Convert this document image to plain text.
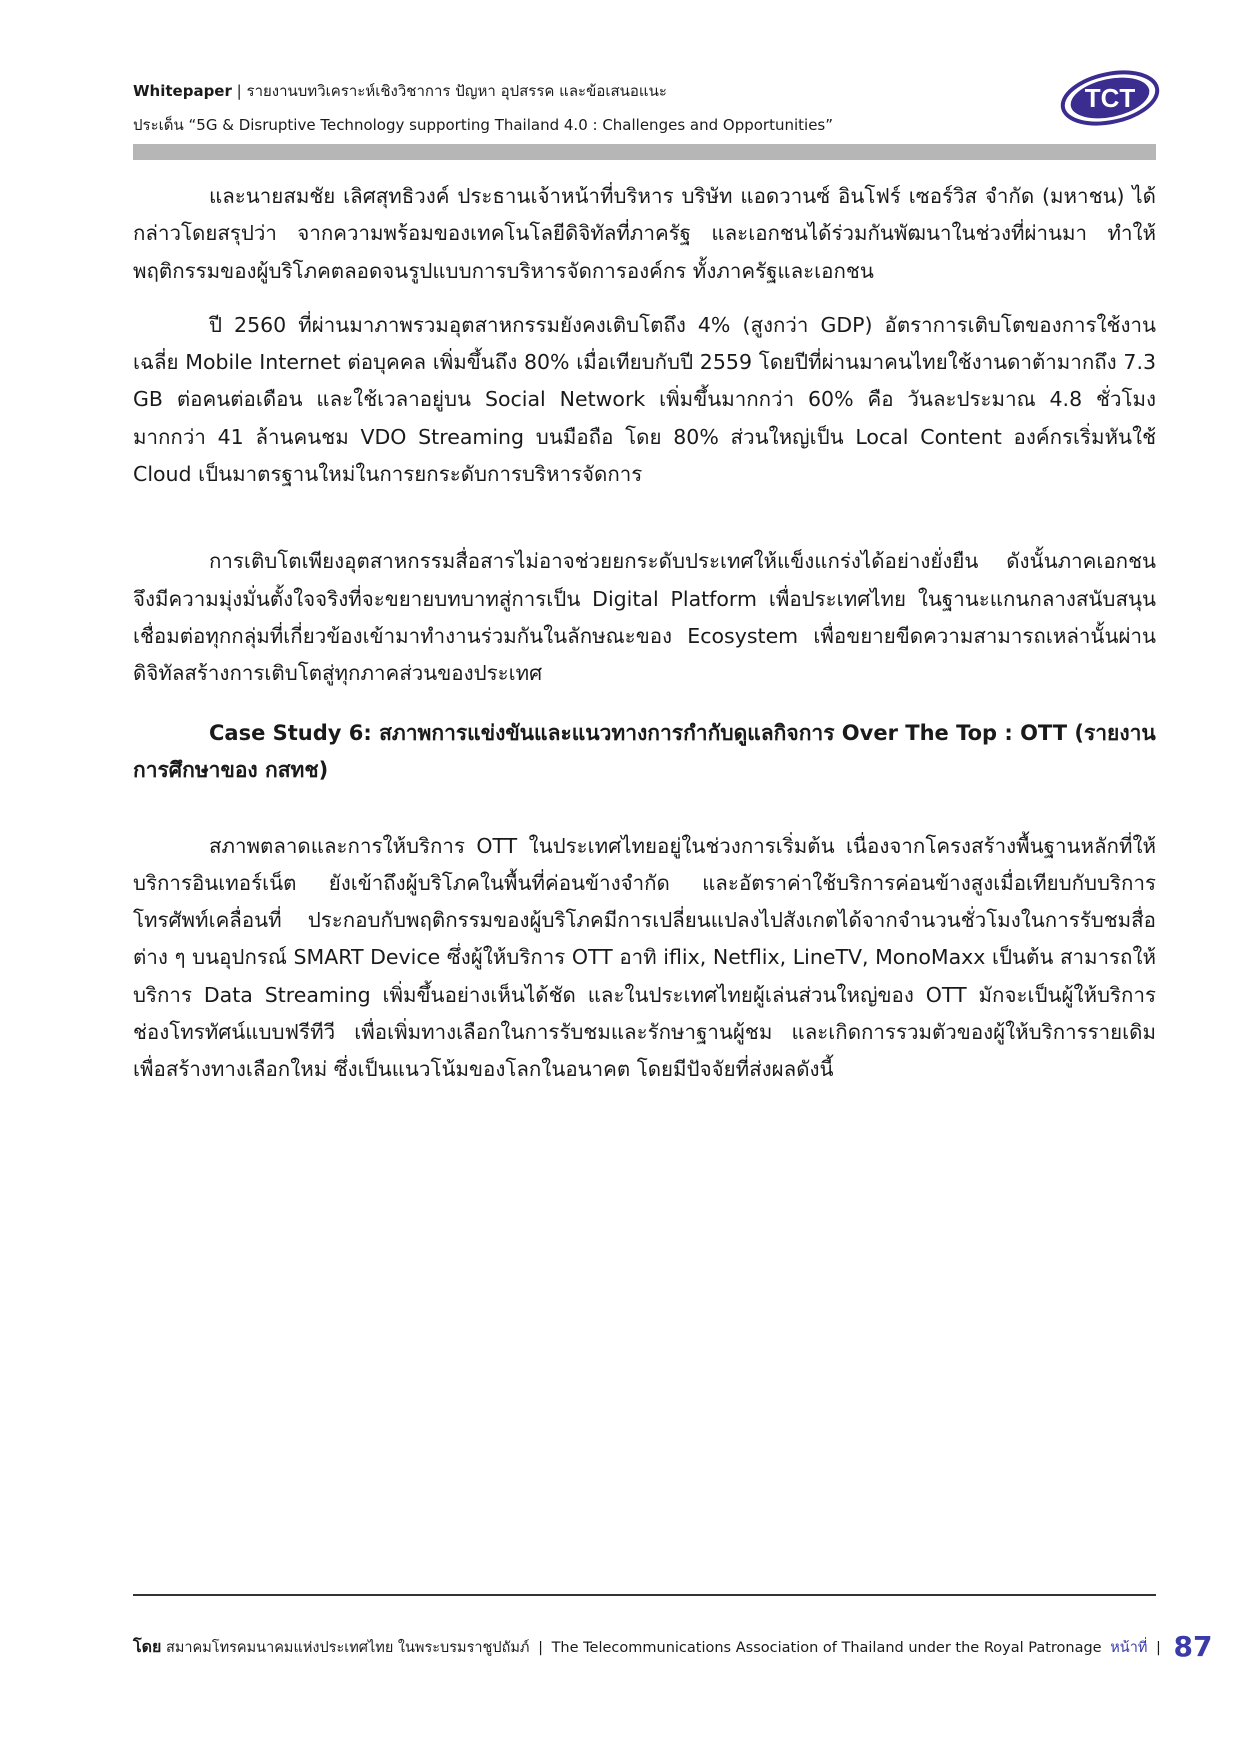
Whitepaper | รายงานบทวิเคราะห์เชิงวิชาการ ปัญหา อุปสรรค และข้อเสนอแนะ
ประเด็น “5G & Disruptive Technology supporting Thailand 4.0 : Challenges and Opportunities”
TCT

และนายสมชัย เลิศสุทธิวงค์ ประธานเจ้าหน้าที่บริหาร บริษัท แอดวานซ์ อินโฟร์ เซอร์วิส จำกัด (มหาชน) ได้กล่าวโดยสรุปว่า จากความพร้อมของเทคโนโลยีดิจิทัลที่ภาครัฐ และเอกชนได้ร่วมกันพัฒนาในช่วงที่ผ่านมา ทำให้พฤติกรรมของผู้บริโภคตลอดจนรูปแบบการบริหารจัดการองค์กร ทั้งภาครัฐและเอกชน

ปี 2560 ที่ผ่านมาภาพรวมอุตสาหกรรมยังคงเติบโตถึง 4% (สูงกว่า GDP) อัตราการเติบโตของการใช้งานเฉลี่ย Mobile Internet ต่อบุคคล เพิ่มขึ้นถึง 80% เมื่อเทียบกับปี 2559 โดยปีที่ผ่านมาคนไทยใช้งานดาต้ามากถึง 7.3 GB ต่อคนต่อเดือน และใช้เวลาอยู่บน Social Network เพิ่มขึ้นมากกว่า 60% คือ วันละประมาณ 4.8 ชั่วโมง มากกว่า 41 ล้านคนชม VDO Streaming บนมือถือ โดย 80% ส่วนใหญ่เป็น Local Content องค์กรเริ่มหันใช้ Cloud เป็นมาตรฐานใหม่ในการยกระดับการบริหารจัดการ

การเติบโตเพียงอุตสาหกรรมสื่อสารไม่อาจช่วยยกระดับประเทศให้แข็งแกร่งได้อย่างยั่งยืน ดังนั้นภาคเอกชนจึงมีความมุ่งมั่นตั้งใจจริงที่จะขยายบทบาทสู่การเป็น Digital Platform เพื่อประเทศไทย ในฐานะแกนกลางสนับสนุน เชื่อมต่อทุกกลุ่มที่เกี่ยวข้องเข้ามาทำงานร่วมกันในลักษณะของ Ecosystem เพื่อขยายขีดความสามารถเหล่านั้นผ่านดิจิทัลสร้างการเติบโตสู่ทุกภาคส่วนของประเทศ

Case Study 6: สภาพการแข่งขันและแนวทางการกำกับดูแลกิจการ Over The Top : OTT (รายงานการศึกษาของ กสทช)

สภาพตลาดและการให้บริการ OTT ในประเทศไทยอยู่ในช่วงการเริ่มต้น เนื่องจากโครงสร้างพื้นฐานหลักที่ให้บริการอินเทอร์เน็ต ยังเข้าถึงผู้บริโภคในพื้นที่ค่อนข้างจำกัด และอัตราค่าใช้บริการค่อนข้างสูงเมื่อเทียบกับบริการโทรศัพท์เคลื่อนที่ ประกอบกับพฤติกรรมของผู้บริโภคมีการเปลี่ยนแปลงไปสังเกตได้จากจำนวนชั่วโมงในการรับชมสื่อต่าง ๆ บนอุปกรณ์ SMART Device ซึ่งผู้ให้บริการ OTT อาทิ iflix, Netflix, LineTV, MonoMaxx เป็นต้น สามารถให้บริการ Data Streaming เพิ่มขึ้นอย่างเห็นได้ชัด และในประเทศไทยผู้เล่นส่วนใหญ่ของ OTT มักจะเป็นผู้ให้บริการช่องโทรทัศน์แบบฟรีทีวี เพื่อเพิ่มทางเลือกในการรับชมและรักษาฐานผู้ชม และเกิดการรวมตัวของผู้ให้บริการรายเดิมเพื่อสร้างทางเลือกใหม่ ซึ่งเป็นแนวโน้มของโลกในอนาคต โดยมีปัจจัยที่ส่งผลดังนี้

โดย สมาคมโทรคมนาคมแห่งประเทศไทย ในพระบรมราชูปถัมภ์ | The Telecommunications Association of Thailand under the Royal Patronage หน้าที่ | 87
